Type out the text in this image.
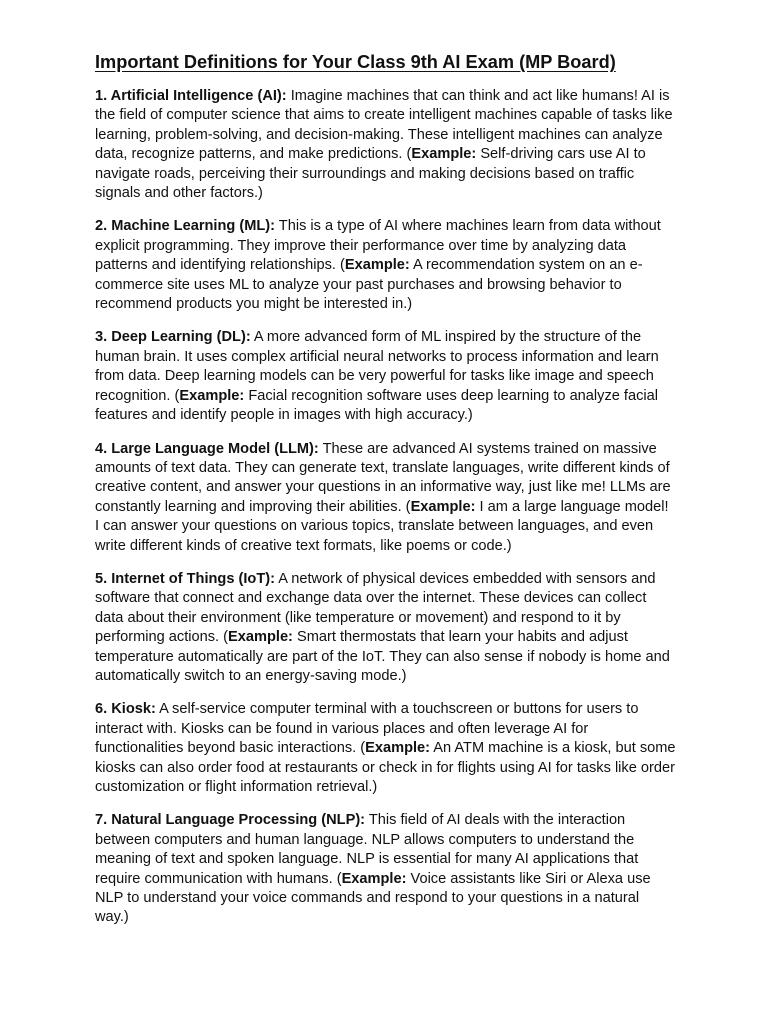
Important Definitions for Your Class 9th AI Exam (MP Board)

1. Artificial Intelligence (AI): Imagine machines that can think and act like humans! AI is the field of computer science that aims to create intelligent machines capable of tasks like learning, problem-solving, and decision-making. These intelligent machines can analyze data, recognize patterns, and make predictions. (Example: Self-driving cars use AI to navigate roads, perceiving their surroundings and making decisions based on traffic signals and other factors.)

2. Machine Learning (ML): This is a type of AI where machines learn from data without explicit programming. They improve their performance over time by analyzing data patterns and identifying relationships. (Example: A recommendation system on an e-commerce site uses ML to analyze your past purchases and browsing behavior to recommend products you might be interested in.)

3. Deep Learning (DL): A more advanced form of ML inspired by the structure of the human brain. It uses complex artificial neural networks to process information and learn from data. Deep learning models can be very powerful for tasks like image and speech recognition. (Example: Facial recognition software uses deep learning to analyze facial features and identify people in images with high accuracy.)

4. Large Language Model (LLM): These are advanced AI systems trained on massive amounts of text data. They can generate text, translate languages, write different kinds of creative content, and answer your questions in an informative way, just like me! LLMs are constantly learning and improving their abilities. (Example: I am a large language model! I can answer your questions on various topics, translate between languages, and even write different kinds of creative text formats, like poems or code.)

5. Internet of Things (IoT): A network of physical devices embedded with sensors and software that connect and exchange data over the internet. These devices can collect data about their environment (like temperature or movement) and respond to it by performing actions. (Example: Smart thermostats that learn your habits and adjust temperature automatically are part of the IoT. They can also sense if nobody is home and automatically switch to an energy-saving mode.)

6. Kiosk: A self-service computer terminal with a touchscreen or buttons for users to interact with. Kiosks can be found in various places and often leverage AI for functionalities beyond basic interactions. (Example: An ATM machine is a kiosk, but some kiosks can also order food at restaurants or check in for flights using AI for tasks like order customization or flight information retrieval.)

7. Natural Language Processing (NLP): This field of AI deals with the interaction between computers and human language. NLP allows computers to understand the meaning of text and spoken language. NLP is essential for many AI applications that require communication with humans. (Example: Voice assistants like Siri or Alexa use NLP to understand your voice commands and respond to your questions in a natural way.)
